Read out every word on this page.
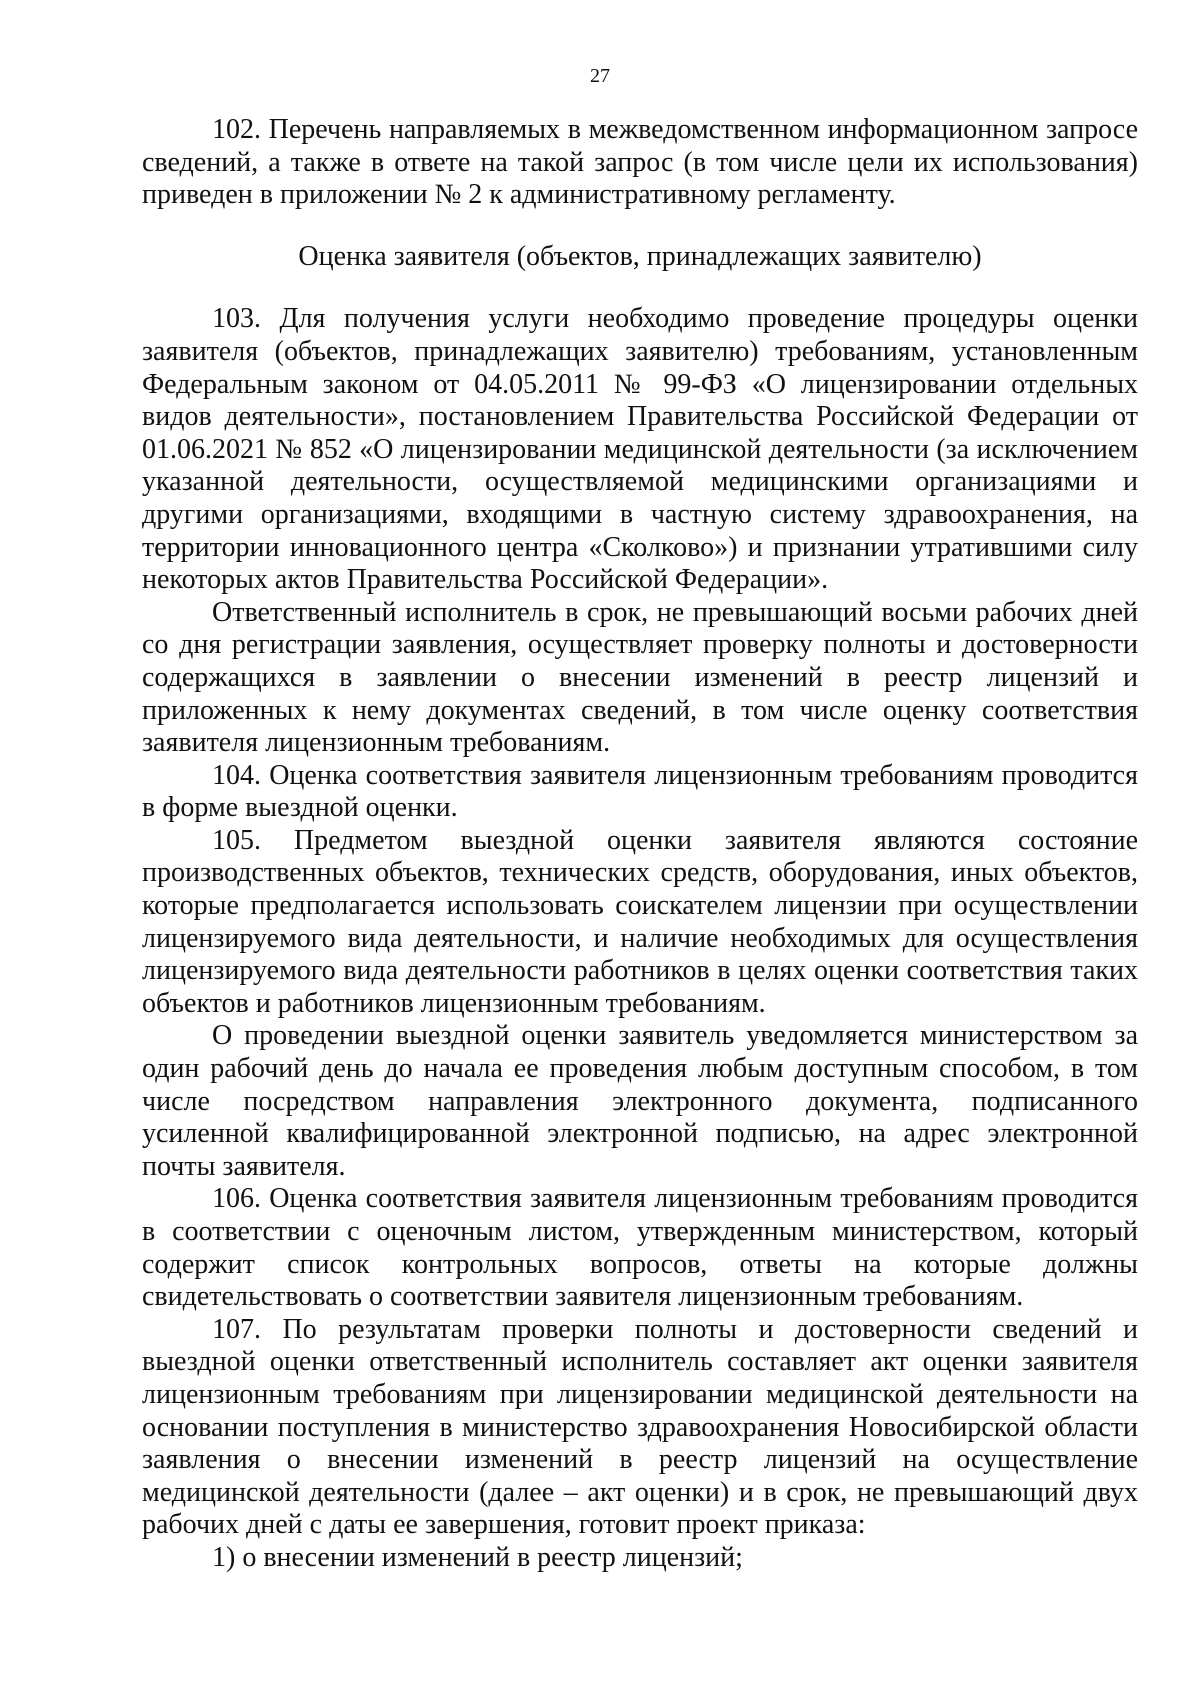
27

102. Перечень направляемых в межведомственном информационном запросе сведений, а также в ответе на такой запрос (в том числе цели их использования) приведен в приложении № 2 к административному регламенту.

Оценка заявителя (объектов, принадлежащих заявителю)

103. Для получения услуги необходимо проведение процедуры оценки заявителя (объектов, принадлежащих заявителю) требованиям, установленным Федеральным законом от 04.05.2011 № 99-ФЗ «О лицензировании отдельных видов деятельности», постановлением Правительства Российской Федерации от 01.06.2021 № 852 «О лицензировании медицинской деятельности (за исключением указанной деятельности, осуществляемой медицинскими организациями и другими организациями, входящими в частную систему здравоохранения, на территории инновационного центра «Сколково») и признании утратившими силу некоторых актов Правительства Российской Федерации».

Ответственный исполнитель в срок, не превышающий восьми рабочих дней со дня регистрации заявления, осуществляет проверку полноты и достоверности содержащихся в заявлении о внесении изменений в реестр лицензий и приложенных к нему документах сведений, в том числе оценку соответствия заявителя лицензионным требованиям.

104. Оценка соответствия заявителя лицензионным требованиям проводится в форме выездной оценки.

105. Предметом выездной оценки заявителя являются состояние производственных объектов, технических средств, оборудования, иных объектов, которые предполагается использовать соискателем лицензии при осуществлении лицензируемого вида деятельности, и наличие необходимых для осуществления лицензируемого вида деятельности работников в целях оценки соответствия таких объектов и работников лицензионным требованиям.

О проведении выездной оценки заявитель уведомляется министерством за один рабочий день до начала ее проведения любым доступным способом, в том числе посредством направления электронного документа, подписанного усиленной квалифицированной электронной подписью, на адрес электронной почты заявителя.

106. Оценка соответствия заявителя лицензионным требованиям проводится в соответствии с оценочным листом, утвержденным министерством, который содержит список контрольных вопросов, ответы на которые должны свидетельствовать о соответствии заявителя лицензионным требованиям.

107. По результатам проверки полноты и достоверности сведений и выездной оценки ответственный исполнитель составляет акт оценки заявителя лицензионным требованиям при лицензировании медицинской деятельности на основании поступления в министерство здравоохранения Новосибирской области заявления о внесении изменений в реестр лицензий на осуществление медицинской деятельности (далее – акт оценки) и в срок, не превышающий двух рабочих дней с даты ее завершения, готовит проект приказа:

1) о внесении изменений в реестр лицензий;
